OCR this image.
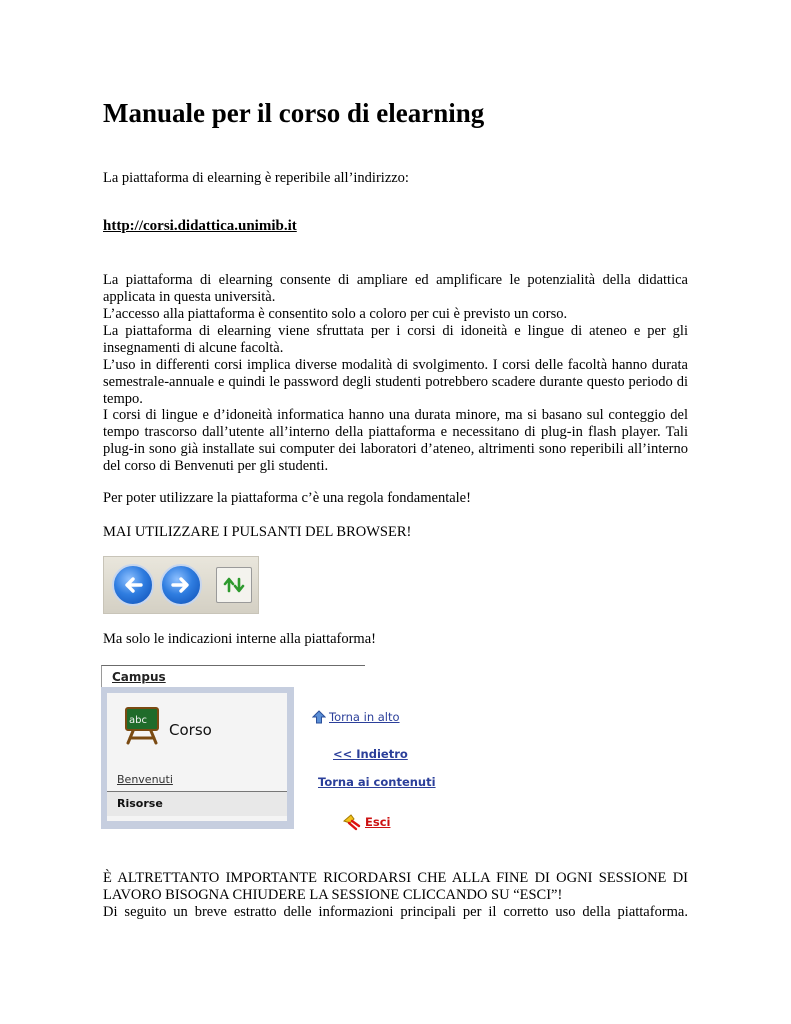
Manuale per il corso di elearning

La piattaforma di elearning è reperibile all’indirizzo:

http://corsi.didattica.unimib.it

La piattaforma di elearning consente di ampliare ed amplificare le potenzialità della didattica

applicata in questa università.

L’accesso alla piattaforma è consentito solo a coloro per cui è previsto un corso.

La piattaforma di elearning viene sfruttata per i corsi di idoneità e lingue di ateneo e per gli

insegnamenti di alcune facoltà.

L’uso in differenti corsi implica diverse modalità di svolgimento. I corsi delle facoltà hanno durata

semestrale-annuale e quindi le password degli studenti potrebbero scadere durante questo periodo di

tempo.

I corsi di lingue e d’idoneità informatica hanno una durata minore, ma si basano sul conteggio del

tempo trascorso dall’utente all’interno della piattaforma e necessitano di plug-in flash player. Tali

plug-in sono già installate sui computer dei laboratori d’ateneo, altrimenti sono reperibili all’interno

del corso di Benvenuti per gli studenti.

Per poter utilizzare la piattaforma c’è una regola fondamentale!

MAI UTILIZZARE I PULSANTI DEL BROWSER!

Ma solo le indicazioni interne alla piattaforma!

Campus
abc
Corso
Benvenuti
Risorse
Torna in alto
<< Indietro
Torna ai contenuti
Esci

È ALTRETTANTO IMPORTANTE RICORDARSI CHE ALLA FINE DI OGNI SESSIONE DI

LAVORO BISOGNA CHIUDERE LA SESSIONE CLICCANDO SU “ESCI”!

Di seguito un breve estratto delle informazioni principali per il corretto uso della piattaforma.
